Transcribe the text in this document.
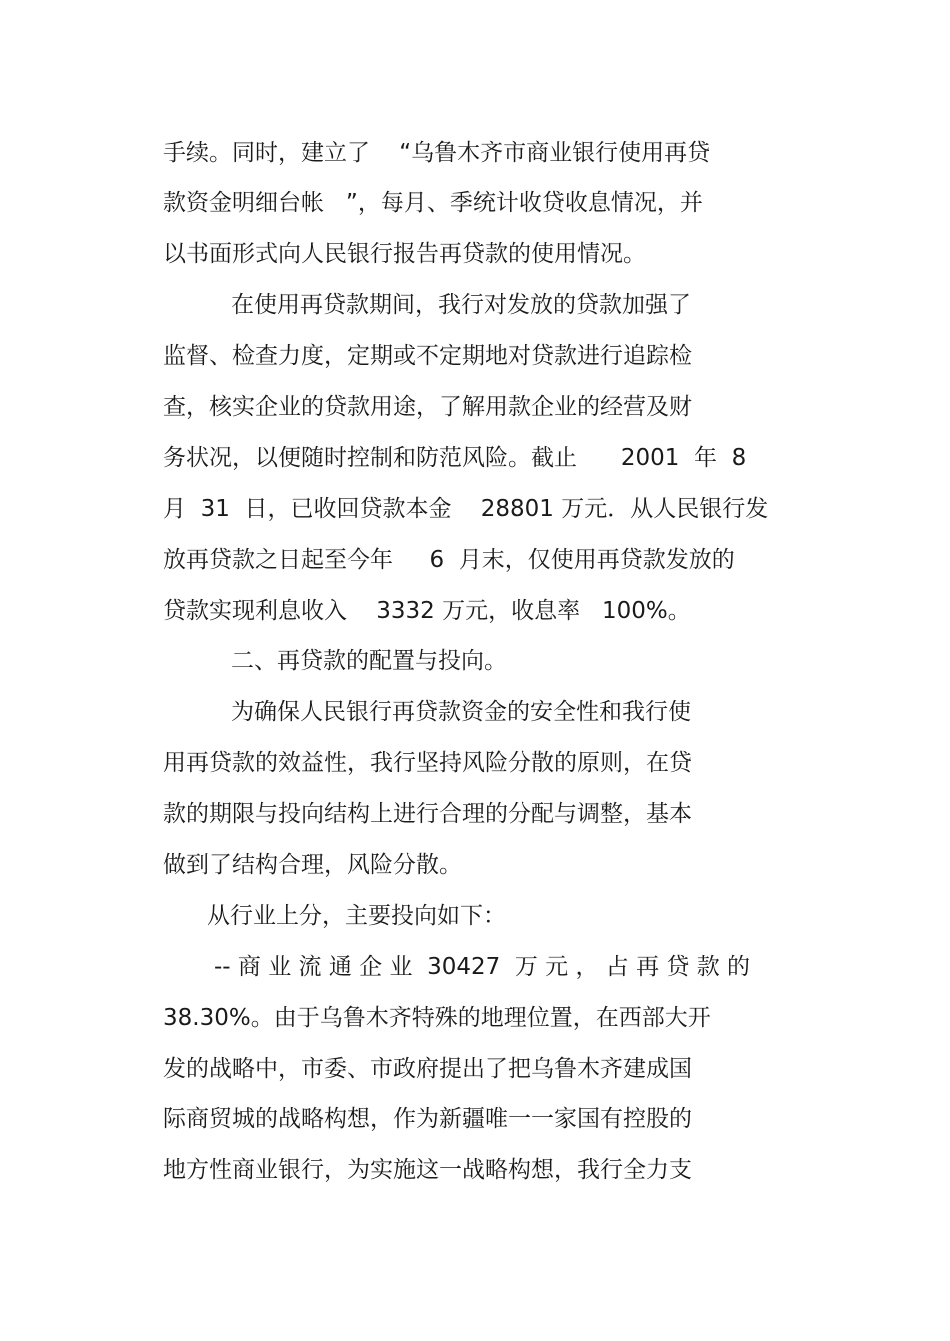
手续。同时，建立了    “乌鲁木齐市商业银行使用再贷
款资金明细台帐   ”，每月、季统计收贷收息情况，并
以书面形式向人民银行报告再贷款的使用情况。
在使用再贷款期间，我行对发放的贷款加强了
监督、检查力度，定期或不定期地对贷款进行追踪检
查，核实企业的贷款用途，了解用款企业的经营及财
务状况，以便随时控制和防范风险。截止      2001  年  8
月  31  日，已收回贷款本金    28801 万元．从人民银行发
放再贷款之日起至今年     6  月末，仅使用再贷款发放的
贷款实现利息收入    3332 万元，收息率   100%。
二、再贷款的配置与投向。
为确保人民银行再贷款资金的安全性和我行使
用再贷款的效益性，我行坚持风险分散的原则，在贷
款的期限与投向结构上进行合理的分配与调整，基本
做到了结构合理，风险分散。
从行业上分，主要投向如下：
-- 商 业 流 通 企 业  30427  万 元 ， 占 再 贷 款 的
38.30%。由于乌鲁木齐特殊的地理位置，在西部大开
发的战略中，市委、市政府提出了把乌鲁木齐建成国
际商贸城的战略构想，作为新疆唯一一家国有控股的
地方性商业银行，为实施这一战略构想，我行全力支
